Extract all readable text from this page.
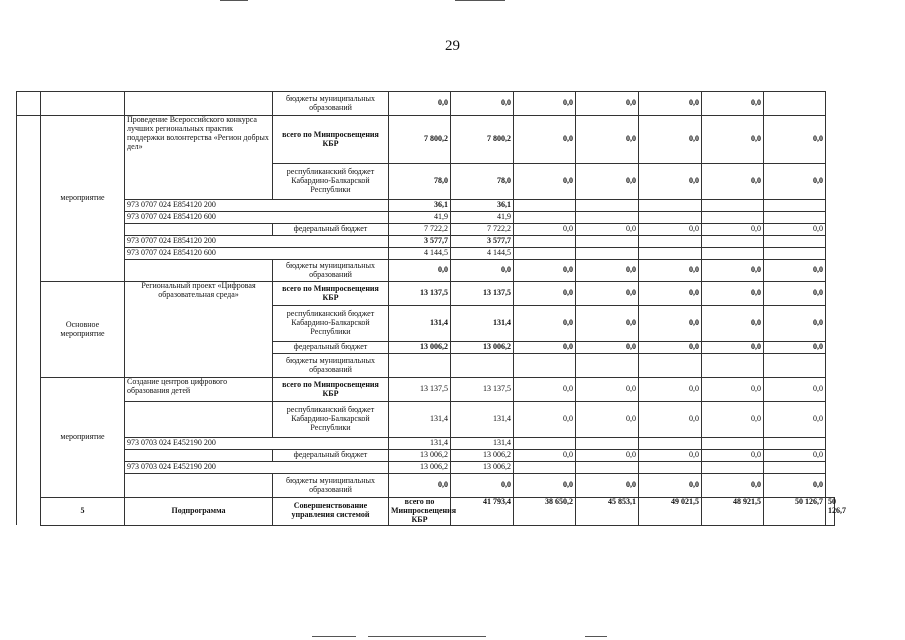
29
			бюджеты муниципальных образований	0,0	0,0	0,0	0,0	0,0	0,0		
	мероприятие	Проведение Всероссийского конкурса лучших региональных практик поддержки волонтерства «Регион добрых дел»	всего по Минпросвещения КБР	7 800,2	7 800,2	0,0	0,0	0,0	0,0	0,0	
			республиканский бюджет Кабардино-Балкарской Республики	78,0	78,0	0,0	0,0	0,0	0,0	0,0	
		973 0707 024 E854120 200		36,1	36,1						
		973 0707 024 E854120 600		41,9	41,9						
			федеральный бюджет	7 722,2	7 722,2	0,0	0,0	0,0	0,0	0,0	
		973 0707 024 E854120 200		3 577,7	3 577,7						
		973 0707 024 E854120 600		4 144,5	4 144,5						
			бюджеты муниципальных образований	0,0	0,0	0,0	0,0	0,0	0,0	0,0	
	Основное мероприятие	Региональный проект «Цифровая образовательная среда»	всего по Минпросвещения КБР	13 137,5	13 137,5	0,0	0,0	0,0	0,0	0,0	
			республиканский бюджет Кабардино-Балкарской Республики	131,4	131,4	0,0	0,0	0,0	0,0	0,0	
			федеральный бюджет	13 006,2	13 006,2	0,0	0,0	0,0	0,0	0,0	
			бюджеты муниципальных образований								
	мероприятие	Создание центров цифрового образования детей	всего по Минпросвещения КБР	13 137,5	13 137,5	0,0	0,0	0,0	0,0	0,0	
			республиканский бюджет Кабардино-Балкарской Республики	131,4	131,4	0,0	0,0	0,0	0,0	0,0	
		973 0703 024 E452190 200		131,4	131,4						
			федеральный бюджет	13 006,2	13 006,2	0,0	0,0	0,0	0,0	0,0	
		973 0703 024 E452190 200		13 006,2	13 006,2						
			бюджеты муниципальных образований	0,0	0,0	0,0	0,0	0,0	0,0	0,0	
	5	Подпрограмма	Совершенствование управления системой	всего по Минпросвещения КБР	41 793,4	38 650,2	45 853,1	49 021,5	48 921,5	50 126,7	50 126,7
